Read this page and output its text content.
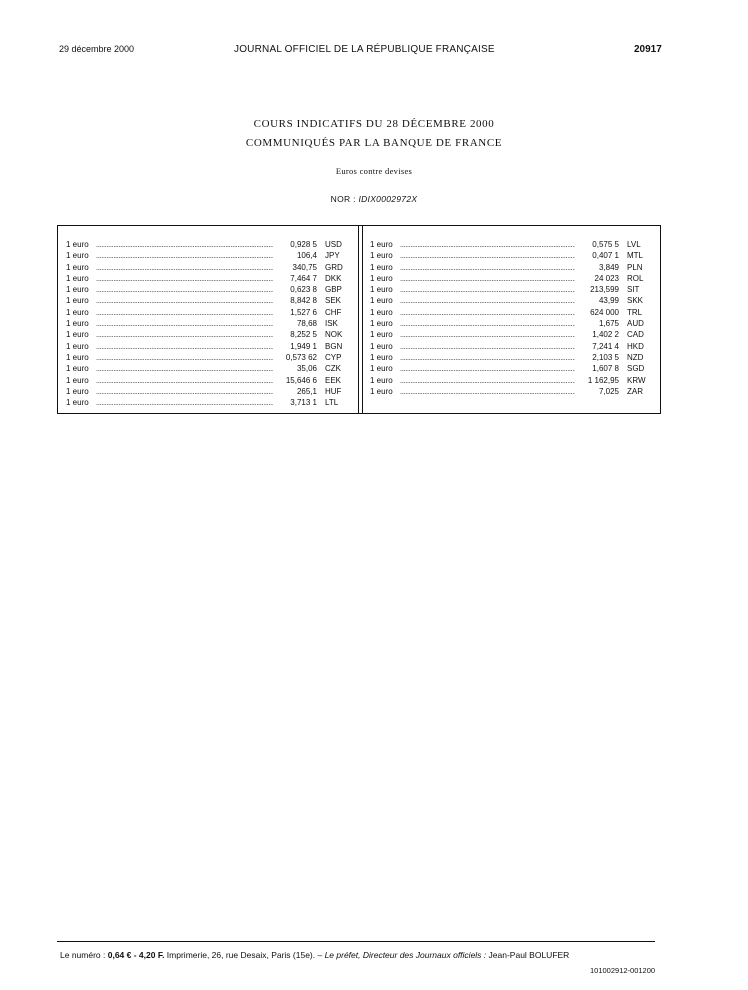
29 décembre 2000	JOURNAL OFFICIEL DE LA RÉPUBLIQUE FRANÇAISE	20917
COURS INDICATIFS DU 28 DÉCEMBRE 2000
COMMUNIQUÉS PAR LA BANQUE DE FRANCE
Euros contre devises
NOR : IDIX0002972X
1 euro .....	0,928 5	USD
1 euro .....	106,4	JPY
1 euro .....	340,75	GRD
1 euro .....	7,464 7	DKK
1 euro .....	0,623 8	GBP
1 euro .....	8,842 8	SEK
1 euro .....	1,527 6	CHF
1 euro .....	78,68	ISK
1 euro .....	8,252 5	NOK
1 euro .....	1,949 1	BGN
1 euro .....	0,573 62	CYP
1 euro .....	35,06	CZK
1 euro .....	15,646 6	EEK
1 euro .....	265,1	HUF
1 euro .....	3,713 1	LTL
1 euro .....	0,575 5	LVL
1 euro .....	0,407 1	MTL
1 euro .....	3,849	PLN
1 euro .....	24 023	ROL
1 euro .....	213,599	SIT
1 euro .....	43,99	SKK
1 euro .....	624 000	TRL
1 euro .....	1,675	AUD
1 euro .....	1,402 2	CAD
1 euro .....	7,241 4	HKD
1 euro .....	2,103 5	NZD
1 euro .....	1,607 8	SGD
1 euro .....	1 162,95	KRW
1 euro .....	7,025	ZAR
Le numéro : 0,64 € - 4,20 F. Imprimerie, 26, rue Desaix, Paris (15e). – Le préfet, Directeur des Journaux officiels : Jean-Paul BOLUFER
101002912-001200
